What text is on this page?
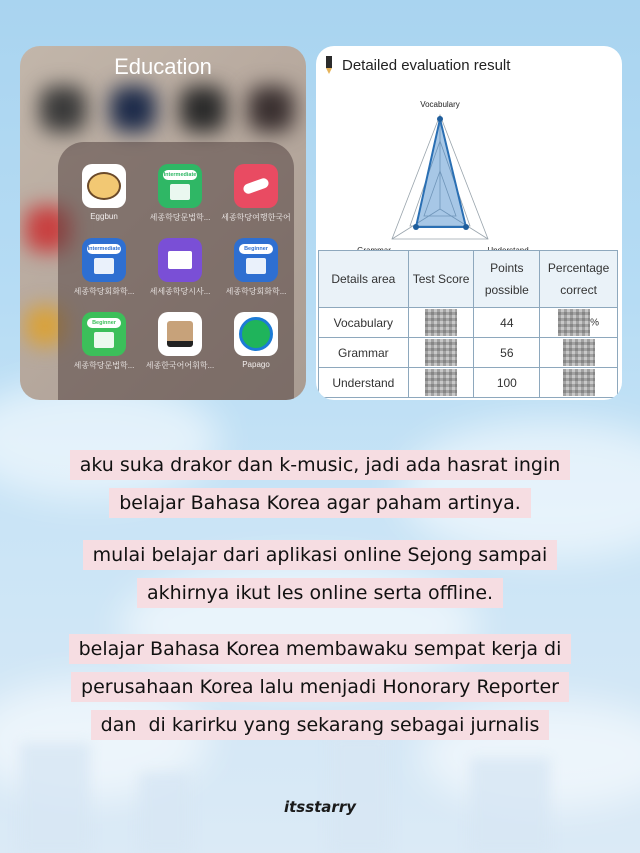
Education
Eggbun
Intermediate
세종학당문법학...	세종학당여행한국어
Intermediate
세종학당회화학...	세세종학당시사...
Beginner
세종학당회화학...
Beginner
세종학당문법학...	세종한국어어휘학...	Papago
Detailed evaluation result
Vocabulary
Details area	Test Score	Points possible	Percentage correct
Vocabulary		44	%
Grammar		56	
Understand		100	
aku suka drakor dan k-music, jadi ada hasrat ingin
belajar Bahasa Korea agar paham artinya.
mulai belajar dari aplikasi online Sejong sampai
akhirnya ikut les online serta offline.
belajar Bahasa Korea membawaku sempat kerja di
perusahaan Korea lalu menjadi Honorary Reporter
dan  di karirku yang sekarang sebagai jurnalis
itsstarry
